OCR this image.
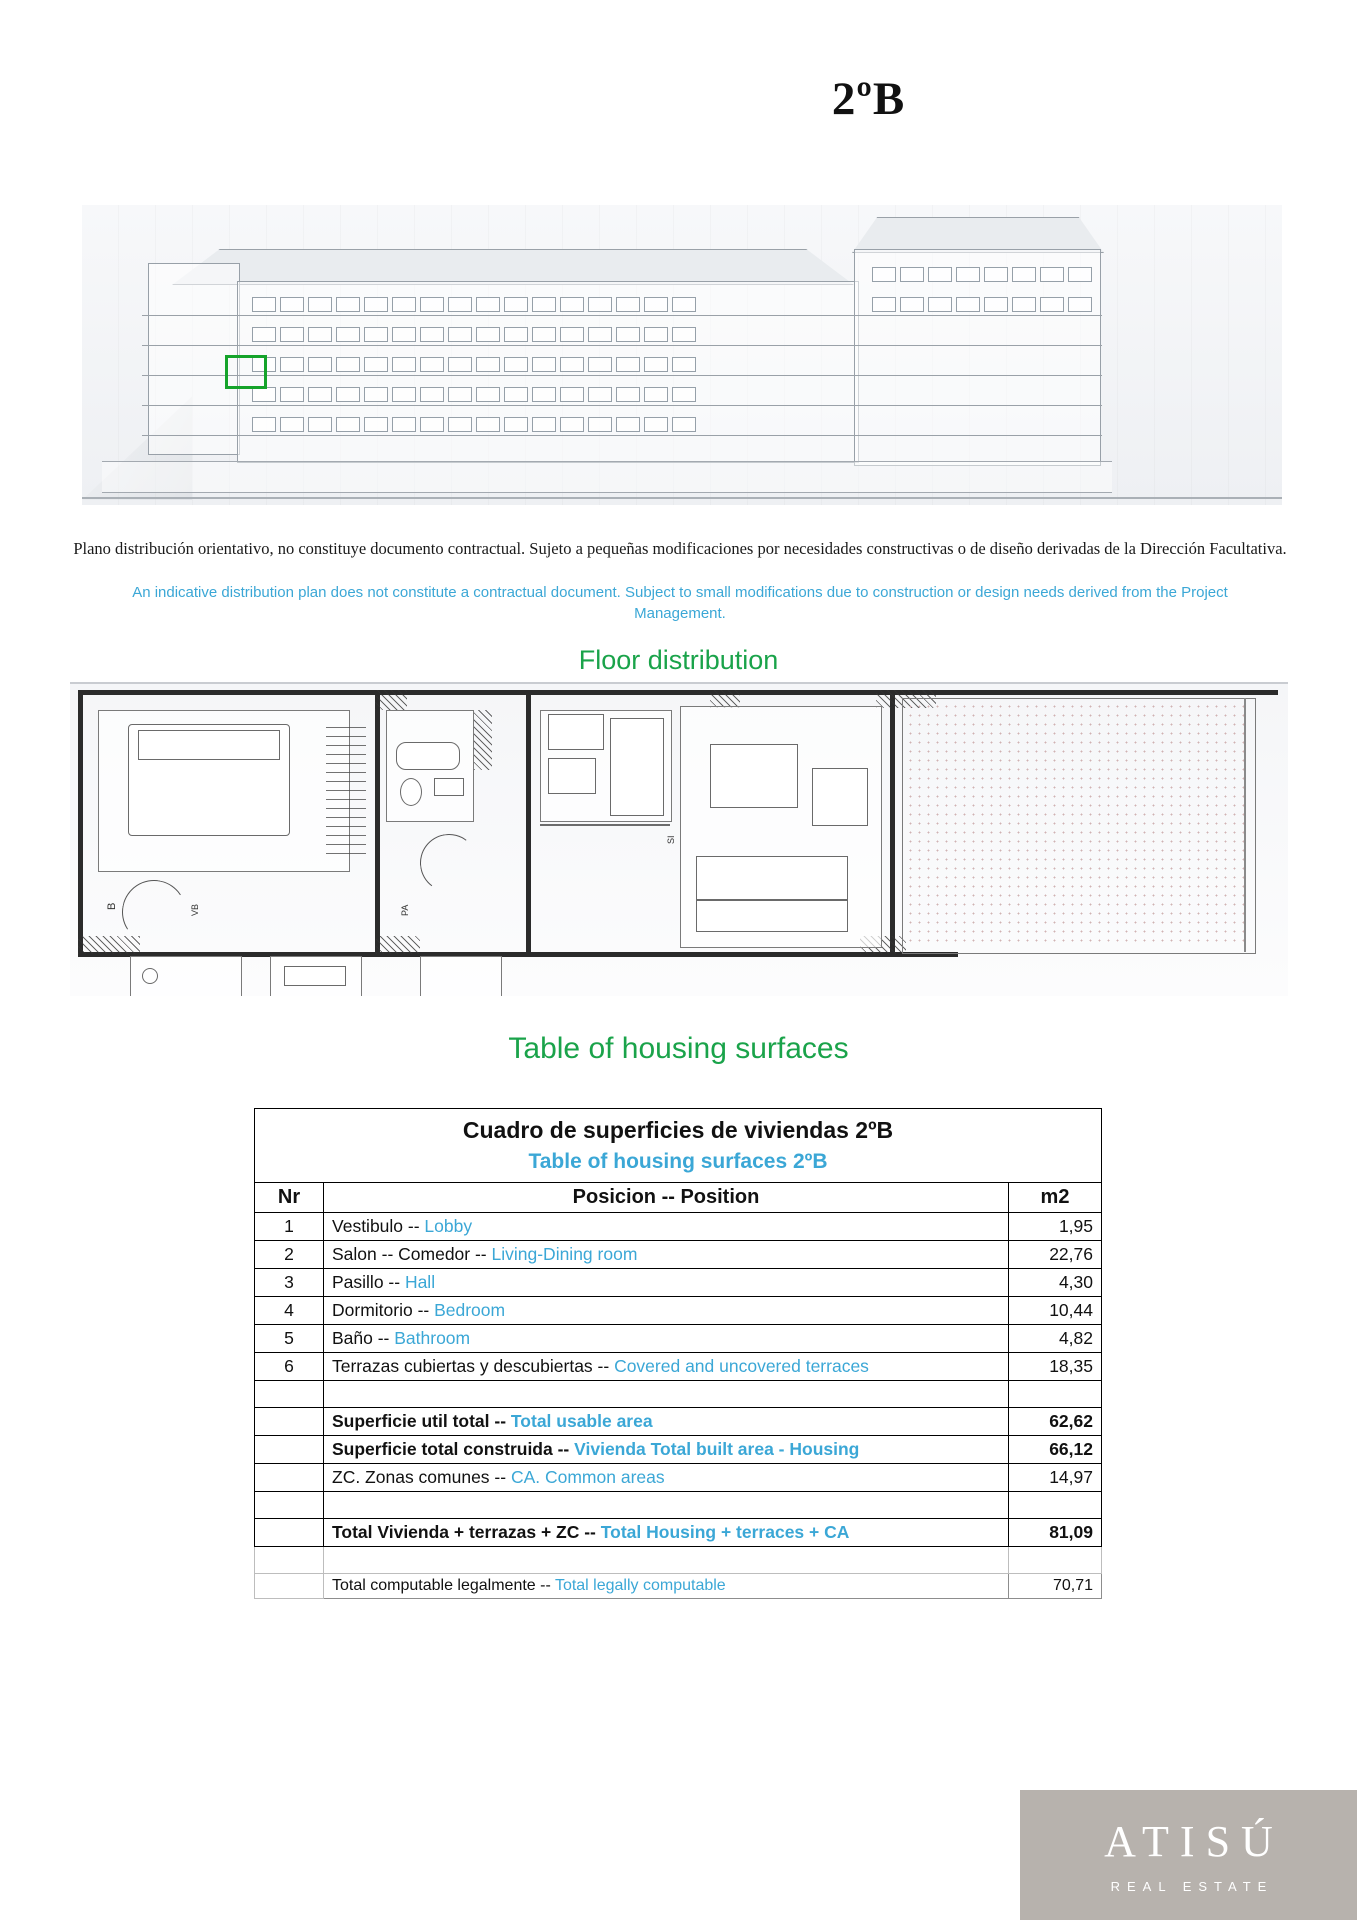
2ºB
Plano distribución orientativo, no constituye documento contractual. Sujeto a pequeñas modificaciones por necesidades constructivas o de diseño derivadas de la Dirección Facultativa.
An indicative distribution plan does not constitute a contractual document. Subject to small modifications due to construction or design needs derived from the Project Management.
Floor distribution
B	VB	PA
SI
Table of housing surfaces
Cuadro de superficies de viviendas 2ºB		
Table of housing surfaces 2ºB		
Nr	Posicion -- Position	m2
1	Vestibulo -- Lobby	1,95
2	Salon -- Comedor -- Living-Dining room	22,76
3	Pasillo -- Hall	4,30
4	Dormitorio -- Bedroom	10,44
5	Baño -- Bathroom	4,82
6	Terrazas cubiertas y descubiertas -- Covered and uncovered terraces	18,35

	Superficie util total -- Total usable area	62,62
	Superficie total construida -- Vivienda Total built area - Housing	66,12
	ZC. Zonas comunes -- CA. Common areas	14,97

	Total Vivienda + terrazas + ZC -- Total Housing + terraces + CA	81,09

	Total computable legalmente -- Total legally computable	70,71
ATISÚ
REAL ESTATE
